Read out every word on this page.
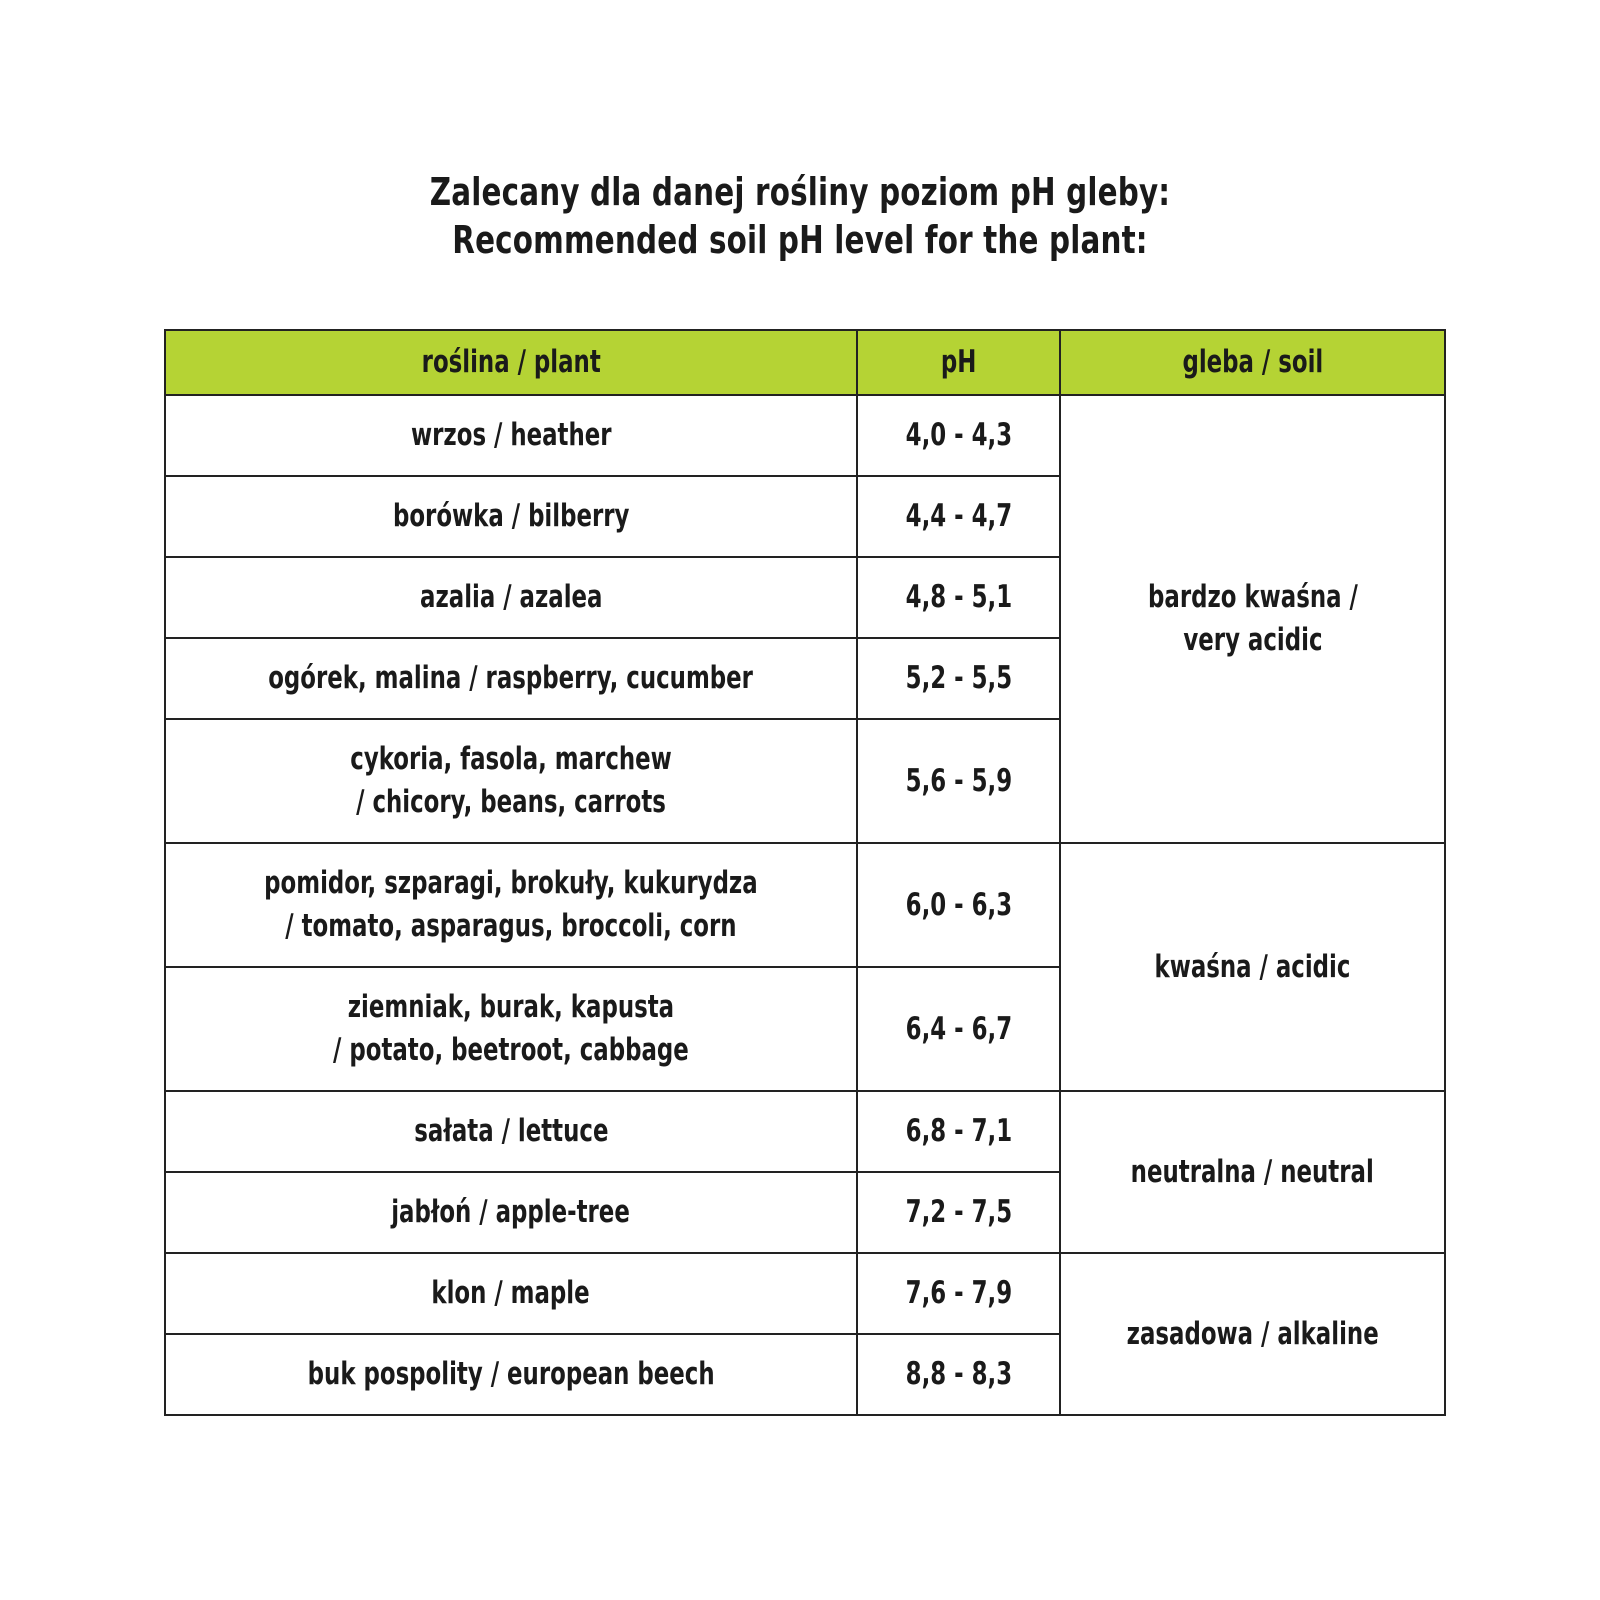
Zalecany dla danej rośliny poziom pH gleby:
Recommended soil pH level for the plant:
roślina / plant	pH	gleba / soil

wrzos / heather	4,0 - 4,3	bardzo kwaśna /
very acidic

borówka / bilberry	4,4 - 4,7	

azalia / azalea	4,8 - 5,1	

ogórek, malina / raspberry, cucumber	5,2 - 5,5	

cykoria, fasola, marchew
/ chicory, beans, carrots	5,6 - 5,9	

pomidor, szparagi, brokuły, kukurydza
/ tomato, asparagus, broccoli, corn	6,0 - 6,3	kwaśna / acidic

ziemniak, burak, kapusta
/ potato, beetroot, cabbage	6,4 - 6,7	

sałata / lettuce	6,8 - 7,1	neutralna / neutral

jabłoń / apple-tree	7,2 - 7,5	

klon / maple	7,6 - 7,9	zasadowa / alkaline

buk pospolity / european beech	8,8 - 8,3	
